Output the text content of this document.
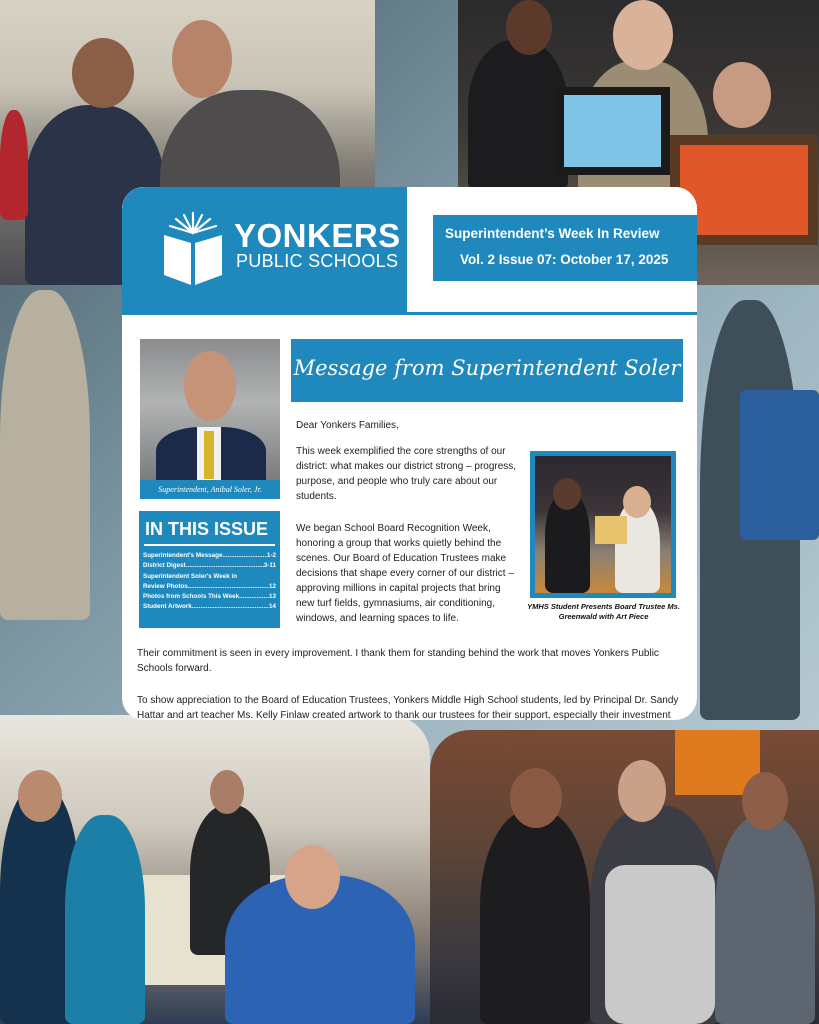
YONKERS
PUBLIC SCHOOLS
Superintendent’s Week In Review
Vol. 2 Issue 07: October 17, 2025
Superintendent, Anibal Soler, Jr.
IN THIS ISSUE
Superintendent's Message .....	1-2
District Digest .....	3-11
Superintendent Soler's Week in
Review Photos .....	12
Photos from Schools This Week .....	13
Student Artwork .....	14
Message from Superintendent Soler
Dear Yonkers Families,
This week exemplified the core strengths of our district: what makes our district strong – progress, purpose, and people who truly care about our students.
We began School Board Recognition Week, honoring a group that works quietly behind the scenes. Our Board of Education Trustees make decisions that shape every corner of our district – approving millions in capital projects that bring new turf fields, gymnasiums, air conditioning, windows, and learning spaces to life.
Their commitment is seen in every improvement. I thank them for standing behind the work that moves Yonkers Public Schools forward.
To show appreciation to the Board of Education Trustees, Yonkers Middle High School students, led by Principal Dr. Sandy Hattar and art teacher Ms. Kelly Finlaw created artwork to thank our trustees for their support, especially their investment
YMHS Student Presents Board Trustee Ms. Greenwald with Art Piece
